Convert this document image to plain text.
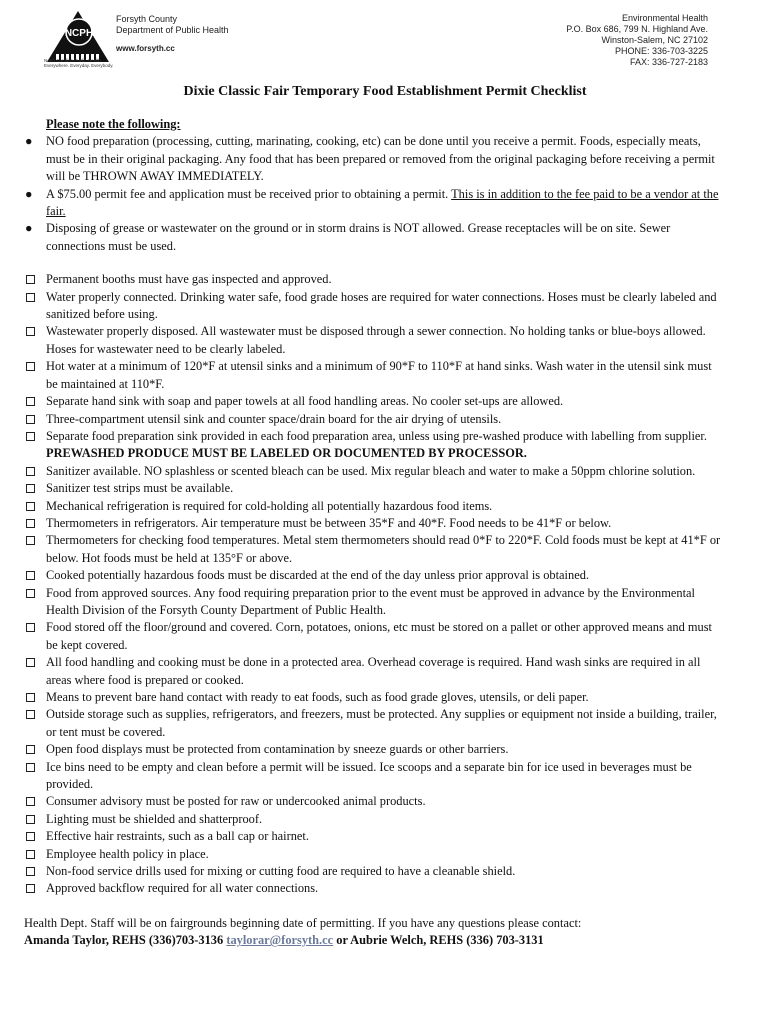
NCPH
North Carolina Public Health Everywhere. Everyday. Everybody.
Forsyth County
Department of Public Health
www.forsyth.cc
Environmental Health
P.O. Box 686, 799 N. Highland Ave.
Winston-Salem, NC 27102
PHONE: 336-703-3225
FAX: 336-727-2183
Dixie Classic Fair Temporary Food Establishment Permit Checklist
Please note the following:
● NO food preparation (processing, cutting, marinating, cooking, etc) can be done until you receive a permit. Foods, especially meats, must be in their original packaging. Any food that has been prepared or removed from the original packaging before receiving a permit will be THROWN AWAY IMMEDIATELY.
● A $75.00 permit fee and application must be received prior to obtaining a permit. This is in addition to the fee paid to be a vendor at the fair.
● Disposing of grease or wastewater on the ground or in storm drains is NOT allowed. Grease receptacles will be on site. Sewer connections must be used.
Permanent booths must have gas inspected and approved.
Water properly connected. Drinking water safe, food grade hoses are required for water connections. Hoses must be clearly labeled and sanitized before using.
Wastewater properly disposed. All wastewater must be disposed through a sewer connection. No holding tanks or blue-boys allowed. Hoses for wastewater need to be clearly labeled.
Hot water at a minimum of 120*F at utensil sinks and a minimum of 90*F to 110*F at hand sinks. Wash water in the utensil sink must be maintained at 110*F.
Separate hand sink with soap and paper towels at all food handling areas. No cooler set-ups are allowed.
Three-compartment utensil sink and counter space/drain board for the air drying of utensils.
Separate food preparation sink provided in each food preparation area, unless using pre-washed produce with labelling from supplier. PREWASHED PRODUCE MUST BE LABELED OR DOCUMENTED BY PROCESSOR.
Sanitizer available. NO splashless or scented bleach can be used. Mix regular bleach and water to make a 50ppm chlorine solution.
Sanitizer test strips must be available.
Mechanical refrigeration is required for cold-holding all potentially hazardous food items.
Thermometers in refrigerators. Air temperature must be between 35*F and 40*F. Food needs to be 41*F or below.
Thermometers for checking food temperatures. Metal stem thermometers should read 0*F to 220*F. Cold foods must be kept at 41*F or below. Hot foods must be held at 135°F or above.
Cooked potentially hazardous foods must be discarded at the end of the day unless prior approval is obtained.
Food from approved sources. Any food requiring preparation prior to the event must be approved in advance by the Environmental Health Division of the Forsyth County Department of Public Health.
Food stored off the floor/ground and covered. Corn, potatoes, onions, etc must be stored on a pallet or other approved means and must be kept covered.
All food handling and cooking must be done in a protected area. Overhead coverage is required. Hand wash sinks are required in all areas where food is prepared or cooked.
Means to prevent bare hand contact with ready to eat foods, such as food grade gloves, utensils, or deli paper.
Outside storage such as supplies, refrigerators, and freezers, must be protected. Any supplies or equipment not inside a building, trailer, or tent must be covered.
Open food displays must be protected from contamination by sneeze guards or other barriers.
Ice bins need to be empty and clean before a permit will be issued. Ice scoops and a separate bin for ice used in beverages must be provided.
Consumer advisory must be posted for raw or undercooked animal products.
Lighting must be shielded and shatterproof.
Effective hair restraints, such as a ball cap or hairnet.
Employee health policy in place.
Non-food service drills used for mixing or cutting food are required to have a cleanable shield.
Approved backflow required for all water connections.
Health Dept. Staff will be on fairgrounds beginning date of permitting. If you have any questions please contact:
Amanda Taylor, REHS (336)703-3136 taylorar@forsyth.cc or Aubrie Welch, REHS (336) 703-3131
